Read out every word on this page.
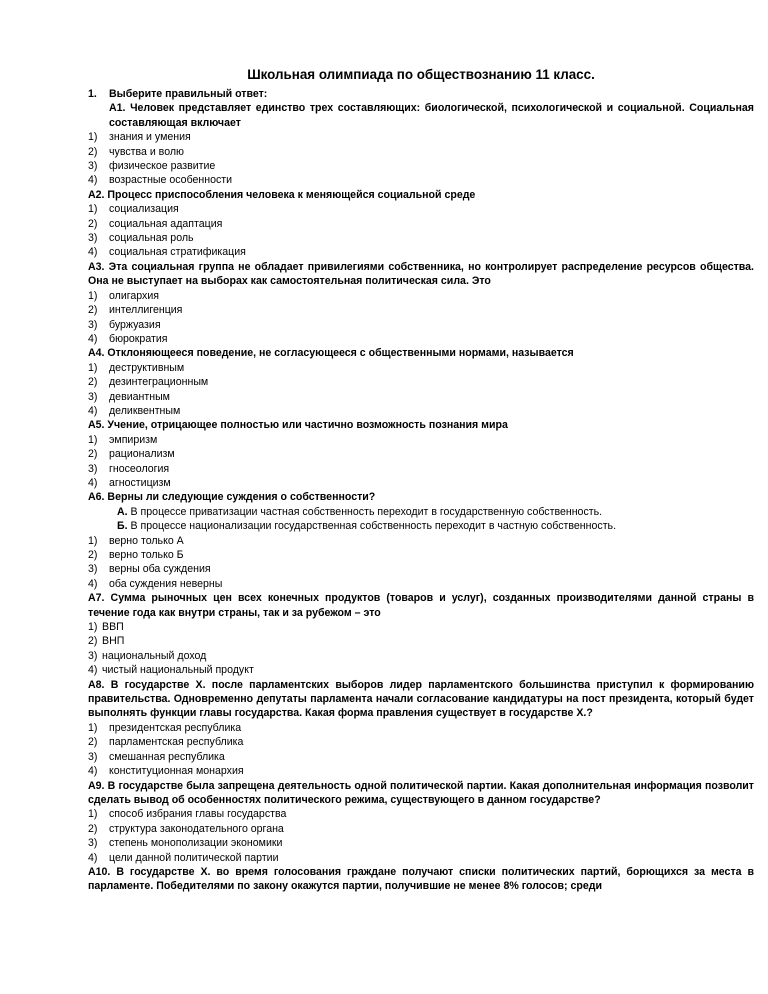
Школьная олимпиада по обществознанию 11 класс.
1.	Выберите правильный ответ:
А1. Человек представляет единство трех составляющих: биологической, психологической и социальной. Социальная составляющая включает
1)	знания и умения
2)	чувства и волю
3)	физическое развитие
4)	возрастные особенности
А2. Процесс приспособления человека к меняющейся социальной среде
1)	социализация
2)	социальная адаптация
3)	социальная роль
4)	социальная стратификация
А3. Эта социальная группа не обладает привилегиями собственника, но контролирует распределение ресурсов общества. Она не выступает на выборах как самостоятельная политическая сила. Это
1)	олигархия
2)	интеллигенция
3)	буржуазия
4)	бюрократия
А4. Отклоняющееся поведение, не согласующееся с общественными нормами, называется
1)	деструктивным
2)	дезинтеграционным
3)	девиантным
4)	деликвентным
А5. Учение, отрицающее полностью или частично возможность познания мира
1)	эмпиризм
2)	рационализм
3)	гносеология
4)	агностицизм
А6. Верны ли следующие суждения о собственности?
А. В процессе приватизации частная собственность переходит в государственную собственность.
Б. В процессе национализации государственная собственность переходит в частную собственность.
1)	верно только А
2)	верно только Б
3)	верны оба суждения
4)	оба суждения неверны
А7. Сумма рыночных цен всех конечных продуктов (товаров и услуг), созданных производителями данной страны в течение года как внутри страны, так и за рубежом – это
1) ВВП
2) ВНП
3) национальный доход
4) чистый национальный продукт
А8. В государстве Х. после парламентских выборов лидер парламентского большинства приступил к формированию правительства. Одновременно депутаты парламента начали согласование кандидатуры на пост президента, который будет выполнять функции главы государства. Какая форма правления существует в государстве Х.?
1)	президентская республика
2)	парламентская республика
3)	смешанная республика
4)	конституционная монархия
А9. В государстве была запрещена деятельность одной политической партии. Какая дополнительная информация позволит сделать вывод об особенностях политического режима, существующего в данном государстве?
1)	способ избрания главы государства
2)	структура законодательного органа
3)	степень монополизации экономики
4)	цели данной политической партии
А10. В государстве Х. во время голосования граждане получают списки политических партий, борющихся за места в парламенте. Победителями по закону окажутся партии, получившие не менее 8% голосов; среди
